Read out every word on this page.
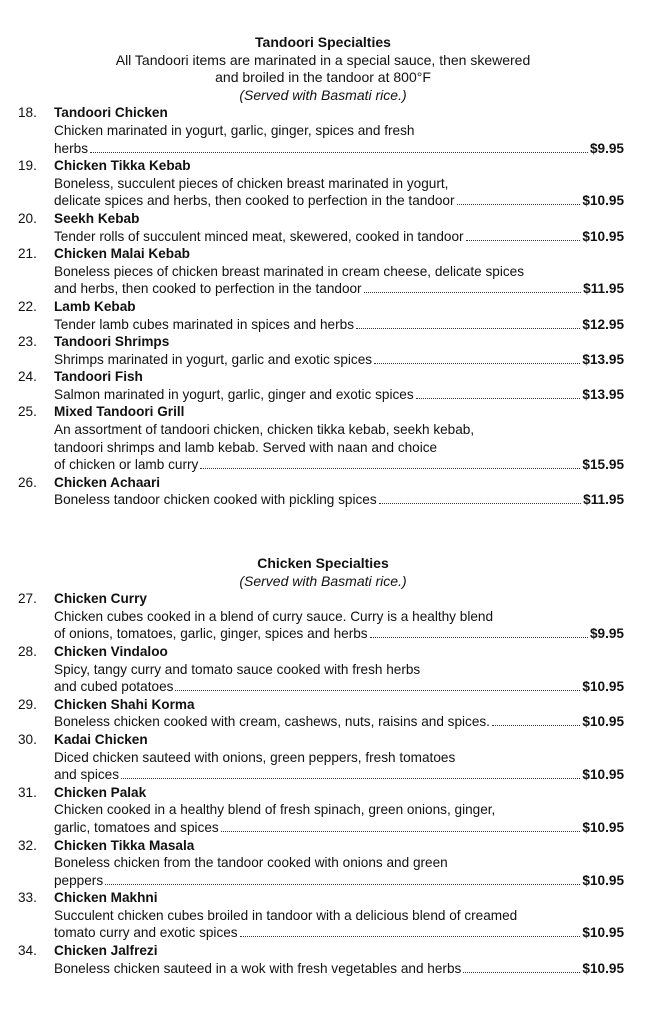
Tandoori Specialties
All Tandoori items are marinated in a special sauce, then skewered
and broiled in the tandoor at 800°F
(Served with Basmati rice.)
18.	Tandoori Chicken
Chicken marinated in yogurt, garlic, ginger, spices and fresh
herbs	$9.95
19.	Chicken Tikka Kebab
Boneless, succulent pieces of chicken breast marinated in yogurt,
delicate spices and herbs, then cooked to perfection in the tandoor	$10.95
20.	Seekh Kebab
Tender rolls of succulent minced meat, skewered, cooked in tandoor	$10.95
21.	Chicken Malai Kebab
Boneless pieces of chicken breast marinated in cream cheese, delicate spices
and herbs, then cooked to perfection in the tandoor	$11.95
22.	Lamb Kebab
Tender lamb cubes marinated in spices and herbs	$12.95
23.	Tandoori Shrimps
Shrimps marinated in yogurt, garlic and exotic spices	$13.95
24.	Tandoori Fish
Salmon marinated in yogurt, garlic, ginger and exotic spices	$13.95
25.	Mixed Tandoori Grill
An assortment of tandoori chicken, chicken tikka kebab, seekh kebab,
tandoori shrimps and lamb kebab. Served with naan and choice
of chicken or lamb curry	$15.95
26.	Chicken Achaari
Boneless tandoor chicken cooked with pickling spices	$11.95
Chicken Specialties
(Served with Basmati rice.)
27.	Chicken Curry
Chicken cubes cooked in a blend of curry sauce. Curry is a healthy blend
of onions, tomatoes, garlic, ginger, spices and herbs	$9.95
28.	Chicken Vindaloo
Spicy, tangy curry and tomato sauce cooked with fresh herbs
and cubed potatoes	$10.95
29.	Chicken Shahi Korma
Boneless chicken cooked with cream, cashews, nuts, raisins and spices.	$10.95
30.	Kadai Chicken
Diced chicken sauteed with onions, green peppers, fresh tomatoes
and spices	$10.95
31.	Chicken Palak
Chicken cooked in a healthy blend of fresh spinach, green onions, ginger,
garlic, tomatoes and spices	$10.95
32.	Chicken Tikka Masala
Boneless chicken from the tandoor cooked with onions and green
peppers	$10.95
33.	Chicken Makhni
Succulent chicken cubes broiled in tandoor with a delicious blend of creamed
tomato curry and exotic spices	$10.95
34.	Chicken Jalfrezi
Boneless chicken sauteed in a wok with fresh vegetables and herbs	$10.95
